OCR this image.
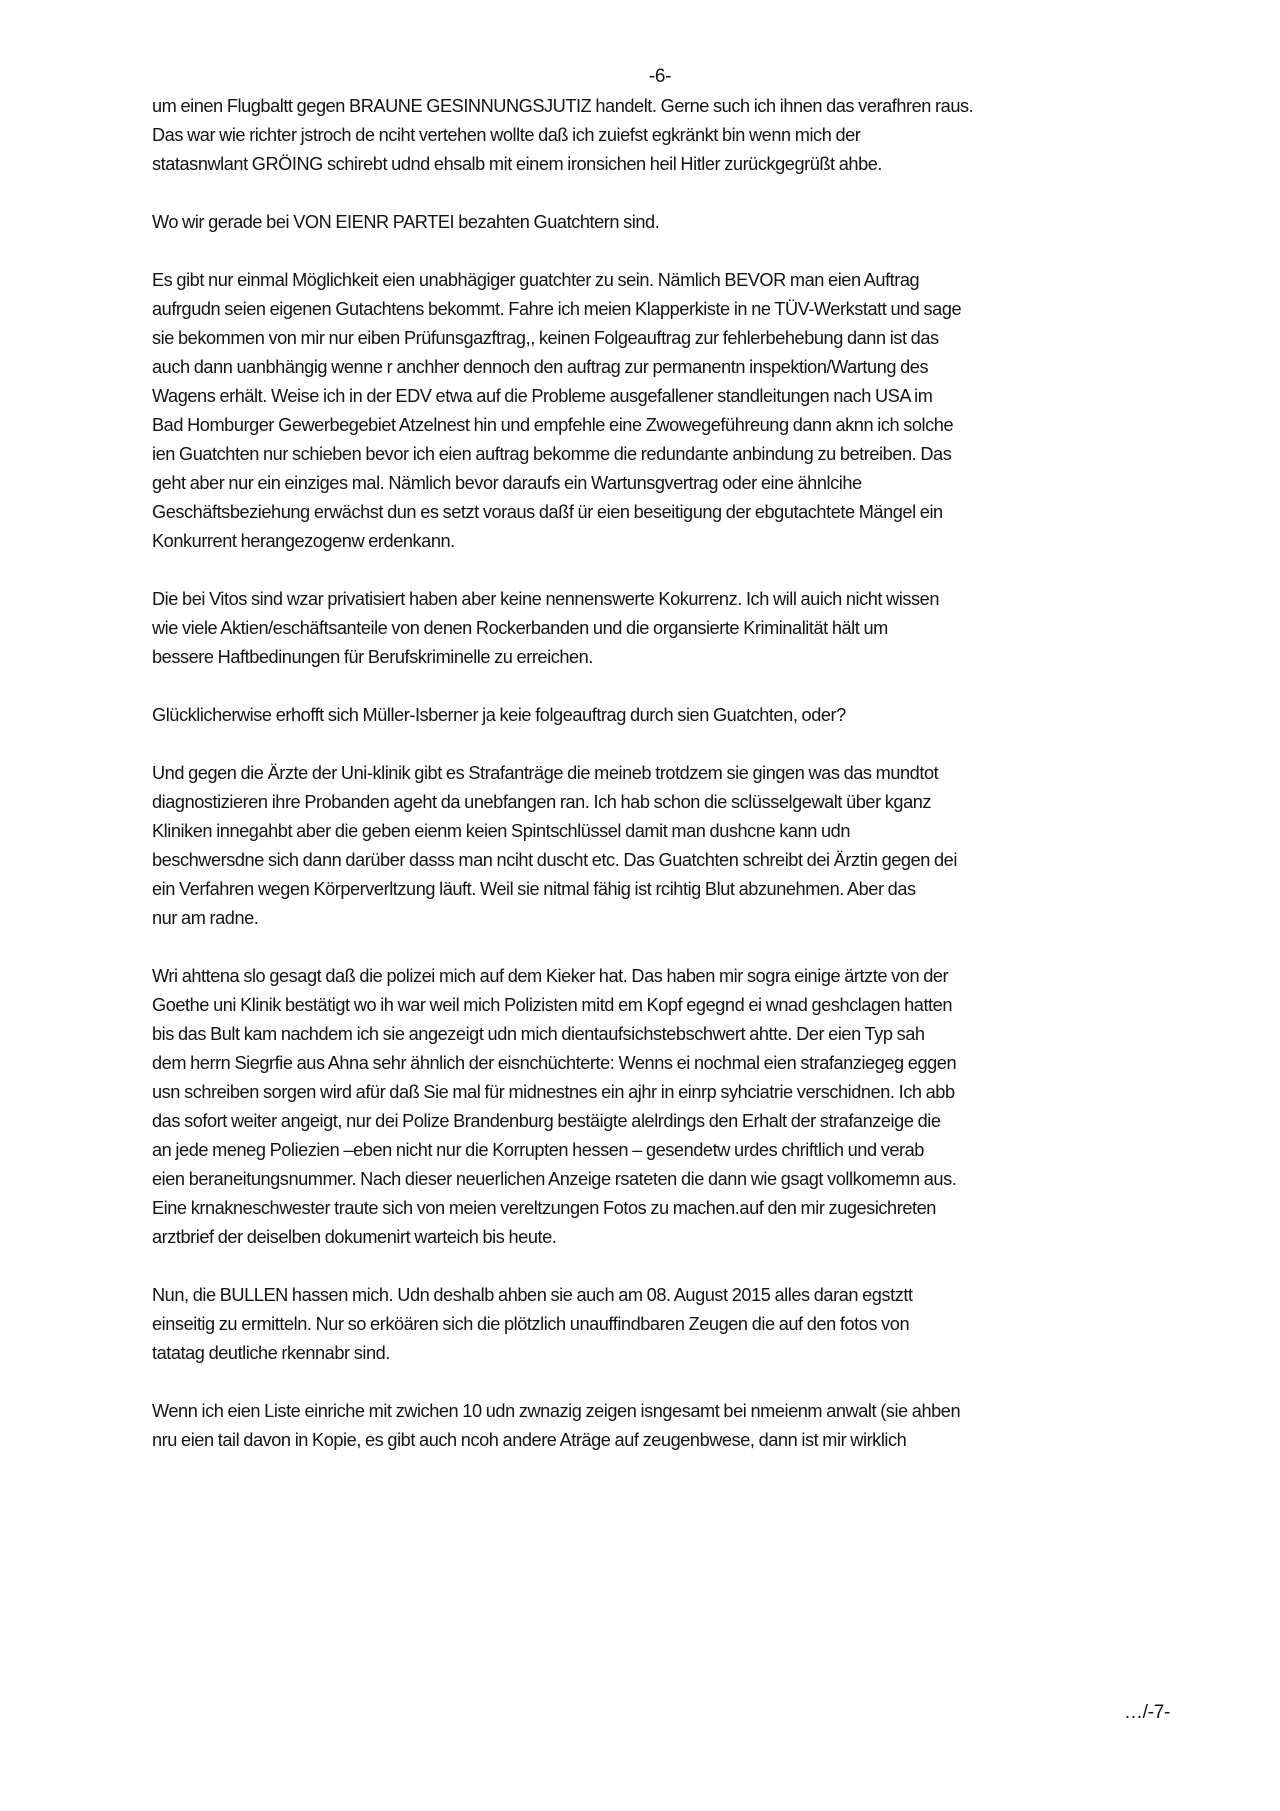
-6-

um einen Flugbaltt gegen BRAUNE GESINNUNGSJUTIZ handelt. Gerne such ich ihnen das verafhren raus.
Das war wie richter jstroch de nciht vertehen wollte daß ich zuiefst egkränkt bin wenn mich der
statasnwlant GRÖING schirebt udnd ehsalb mit einem ironsichen heil Hitler zurückgegrüßt ahbe.

Wo wir gerade bei VON EIENR PARTEI bezahten Guatchtern sind.

Es gibt nur einmal Möglichkeit eien unabhägiger guatchter zu sein. Nämlich BEVOR man eien Auftrag
aufrgudn seien eigenen Gutachtens bekommt. Fahre ich meien Klapperkiste in ne TÜV-Werkstatt und sage
sie bekommen von mir nur eiben Prüfunsgazftrag,, keinen Folgeauftrag zur fehlerbehebung dann ist das
auch dann uanbhängig wenne r anchher dennoch den auftrag zur permanentn inspektion/Wartung des
Wagens erhält. Weise ich in der EDV etwa auf die Probleme ausgefallener standleitungen nach USA im
Bad Homburger Gewerbegebiet Atzelnest hin und empfehle eine Zwowegeführeung dann aknn ich solche
ien Guatchten nur schieben bevor ich eien auftrag bekomme die redundante anbindung zu betreiben. Das
geht aber nur ein einziges mal. Nämlich bevor daraufs ein Wartunsgvertrag oder eine ähnlcihe
Geschäftsbeziehung erwächst dun es setzt voraus daßf ür eien beseitigung der ebgutachtete Mängel ein
Konkurrent herangezogenw erdenkann.

Die bei Vitos sind wzar privatisiert haben aber keine nennenswerte Kokurrenz. Ich will auich nicht wissen
wie viele Aktien/eschäftsanteile von denen Rockerbanden und die organsierte Kriminalität hält um
bessere Haftbedinungen für Berufskriminelle zu erreichen.

Glücklicherwise erhofft sich Müller-Isberner ja keie folgeauftrag durch sien Guatchten, oder?

Und gegen die Ärzte der Uni-klinik gibt es Strafanträge die meineb trotdzem sie gingen was das mundtot
diagnostizieren ihre Probanden ageht da unebfangen ran. Ich hab schon die sclüsselgewalt über kganz
Kliniken innegahbt aber die geben eienm keien Spintschlüssel damit man dushcne kann udn
beschwersdne sich dann darüber dasss man nciht duscht etc. Das Guatchten schreibt dei Ärztin gegen dei
ein Verfahren wegen Körperverltzung läuft. Weil sie nitmal fähig ist rcihtig Blut abzunehmen. Aber das
nur am radne.

Wri ahttena slo gesagt daß die polizei mich auf dem Kieker hat. Das haben mir sogra einige ärtzte von der
Goethe uni Klinik bestätigt wo ih war weil mich Polizisten mitd em Kopf egegnd ei wnad geshclagen hatten
bis das Bult kam nachdem ich sie angezeigt udn mich dientaufsichstebschwert ahtte. Der eien Typ sah
dem herrn Siegrfie aus Ahna sehr ähnlich der eisnchüchterte: Wenns ei nochmal eien strafanziegeg eggen
usn schreiben sorgen wird afür daß Sie mal für midnestnes ein ajhr in einrp syhciatrie verschidnen. Ich abb
das sofort weiter angeigt, nur dei Polize Brandenburg bestäigte alelrdings den Erhalt der strafanzeige die
an jede meneg Poliezien –eben nicht nur die Korrupten hessen – gesendetw urdes chriftlich und verab
eien beraneitungsnummer. Nach dieser neuerlichen Anzeige rsateten die dann wie gsagt vollkomemn aus.
Eine krnakneschwester traute sich von meien vereltzungen Fotos zu machen.auf den mir zugesichreten
arztbrief der deiselben dokumenirt warteich bis heute.

Nun, die BULLEN hassen mich. Udn deshalb ahben sie auch am 08. August 2015 alles daran egstztt
einseitig zu ermitteln. Nur so erköären sich die plötzlich unauffindbaren Zeugen die auf den fotos von
tatatag deutliche rkennabr sind.

Wenn ich eien Liste einriche mit zwichen 10 udn zwnazig zeigen isngesamt bei nmeienm anwalt (sie ahben
nru eien tail davon in Kopie, es gibt auch ncoh andere Aträge auf zeugenbwese, dann ist mir wirklich

…/-7-
